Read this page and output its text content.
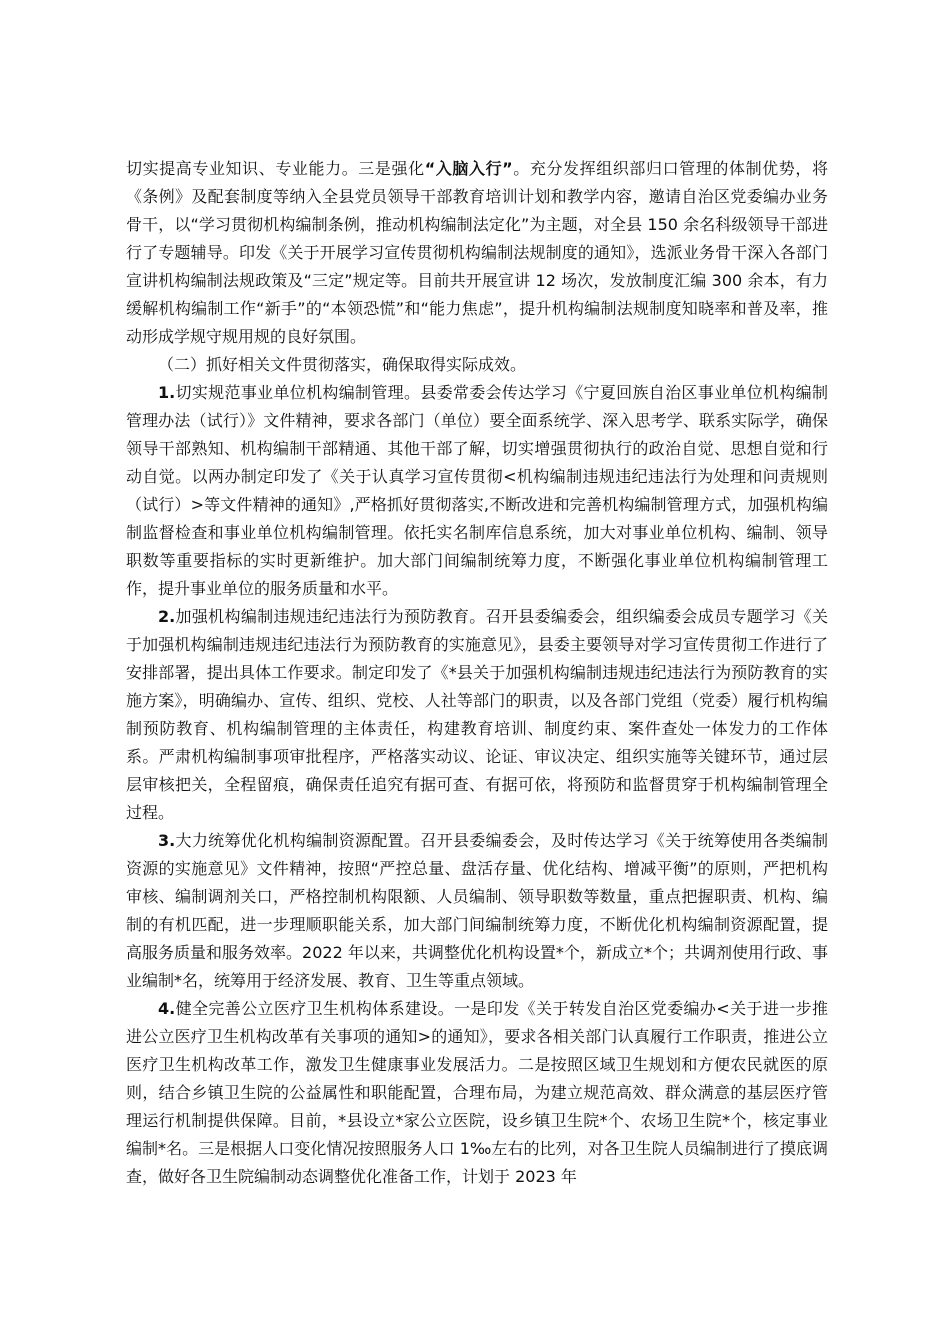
切实提高专业知识、专业能力。三是强化“入脑入行”。充分发挥组织部归口管理的体制优势，将《条例》及配套制度等纳入全县党员领导干部教育培训计划和教学内容，邀请自治区党委编办业务骨干，以“学习贯彻机构编制条例，推动机构编制法定化”为主题，对全县 150 余名科级领导干部进行了专题辅导。印发《关于开展学习宣传贯彻机构编制法规制度的通知》，选派业务骨干深入各部门宣讲机构编制法规政策及“三定”规定等。目前共开展宣讲 12 场次，发放制度汇编 300 余本，有力缓解机构编制工作“新手”的“本领恐慌”和“能力焦虑”，提升机构编制法规制度知晓率和普及率，推动形成学规守规用规的良好氛围。

（二）抓好相关文件贯彻落实，确保取得实际成效。

1.切实规范事业单位机构编制管理。县委常委会传达学习《宁夏回族自治区事业单位机构编制管理办法（试行）》文件精神，要求各部门（单位）要全面系统学、深入思考学、联系实际学，确保领导干部熟知、机构编制干部精通、其他干部了解，切实增强贯彻执行的政治自觉、思想自觉和行动自觉。以两办制定印发了《关于认真学习宣传贯彻<机构编制违规违纪违法行为处理和问责规则（试行）>等文件精神的通知》,严格抓好贯彻落实,不断改进和完善机构编制管理方式，加强机构编制监督检查和事业单位机构编制管理。依托实名制库信息系统，加大对事业单位机构、编制、领导职数等重要指标的实时更新维护。加大部门间编制统筹力度，不断强化事业单位机构编制管理工作，提升事业单位的服务质量和水平。

2.加强机构编制违规违纪违法行为预防教育。召开县委编委会，组织编委会成员专题学习《关于加强机构编制违规违纪违法行为预防教育的实施意见》，县委主要领导对学习宣传贯彻工作进行了安排部署，提出具体工作要求。制定印发了《*县关于加强机构编制违规违纪违法行为预防教育的实施方案》，明确编办、宣传、组织、党校、人社等部门的职责，以及各部门党组（党委）履行机构编制预防教育、机构编制管理的主体责任，构建教育培训、制度约束、案件查处一体发力的工作体系。严肃机构编制事项审批程序，严格落实动议、论证、审议决定、组织实施等关键环节，通过层层审核把关，全程留痕，确保责任追究有据可查、有据可依，将预防和监督贯穿于机构编制管理全过程。

3.大力统筹优化机构编制资源配置。召开县委编委会，及时传达学习《关于统筹使用各类编制资源的实施意见》文件精神，按照“严控总量、盘活存量、优化结构、增减平衡”的原则，严把机构审核、编制调剂关口，严格控制机构限额、人员编制、领导职数等数量，重点把握职责、机构、编制的有机匹配，进一步理顺职能关系，加大部门间编制统筹力度，不断优化机构编制资源配置，提高服务质量和服务效率。2022 年以来，共调整优化机构设置*个，新成立*个；共调剂使用行政、事业编制*名，统筹用于经济发展、教育、卫生等重点领域。

4.健全完善公立医疗卫生机构体系建设。一是印发《关于转发自治区党委编办<关于进一步推进公立医疗卫生机构改革有关事项的通知>的通知》，要求各相关部门认真履行工作职责，推进公立医疗卫生机构改革工作，激发卫生健康事业发展活力。二是按照区域卫生规划和方便农民就医的原则，结合乡镇卫生院的公益属性和职能配置，合理布局，为建立规范高效、群众满意的基层医疗管理运行机制提供保障。目前，*县设立*家公立医院，设乡镇卫生院*个、农场卫生院*个，核定事业编制*名。三是根据人口变化情况按照服务人口 1‰左右的比列，对各卫生院人员编制进行了摸底调查，做好各卫生院编制动态调整优化准备工作，计划于 2023 年
